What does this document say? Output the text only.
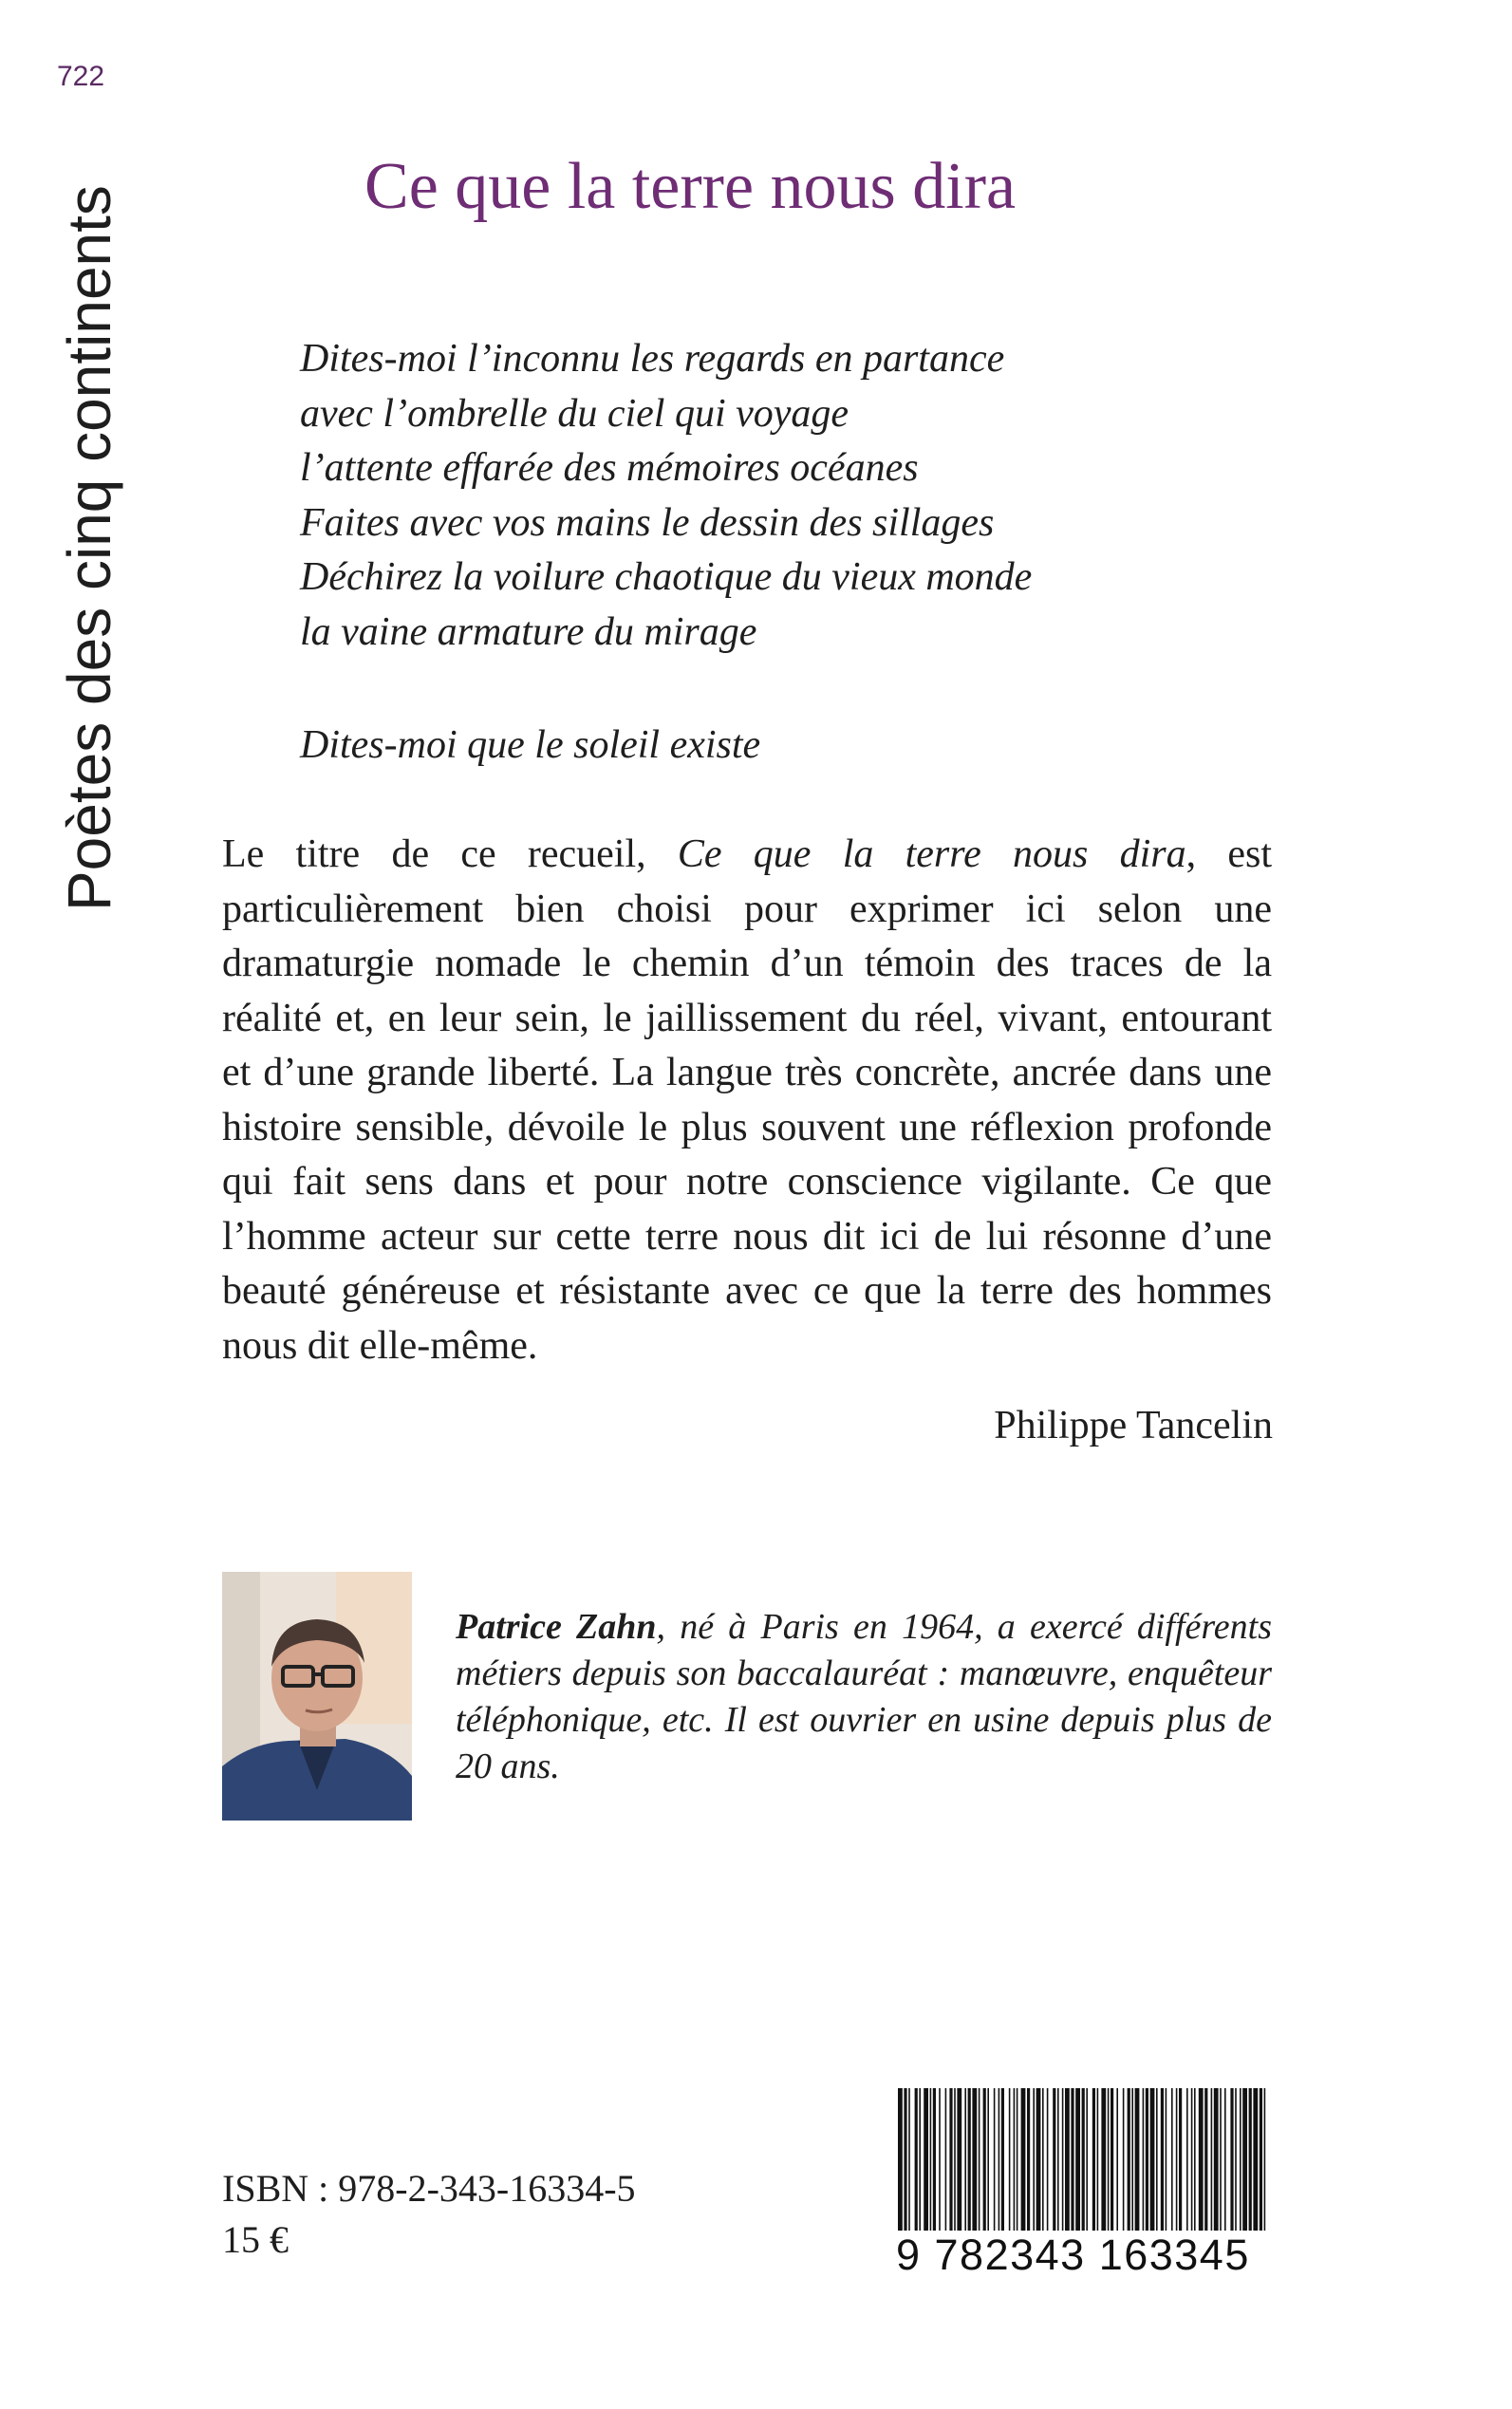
722
Poètes des cinq continents	Ce que la terre nous dira
Dites-moi l’inconnu les regards en partance
avec l’ombrelle du ciel qui voyage
l’attente effarée des mémoires océanes
Faites avec vos mains le dessin des sillages
Déchirez la voilure chaotique du vieux monde
la vaine armature du mirage
Dites-moi que le soleil existe
Le titre de ce recueil, Ce que la terre nous dira, est particulièrement bien choisi pour exprimer ici selon une dramaturgie nomade le chemin d’un témoin des traces de la réalité et, en leur sein, le jaillissement du réel, vivant, entourant et d’une grande liberté. La langue très concrète, ancrée dans une histoire sensible, dévoile le plus souvent une réflexion profonde qui fait sens dans et pour notre conscience vigilante. Ce que l’homme acteur sur cette terre nous dit ici de lui résonne d’une beauté généreuse et résistante avec ce que la terre des hommes nous dit elle-même.
Philippe Tancelin
Patrice Zahn, né à Paris en 1964, a exercé différents métiers depuis son baccalauréat : manœuvre, enquêteur téléphonique, etc. Il est ouvrier en usine depuis plus de 20 ans.
ISBN : 978-2-343-16334-5
15 €	9 782343 163345
